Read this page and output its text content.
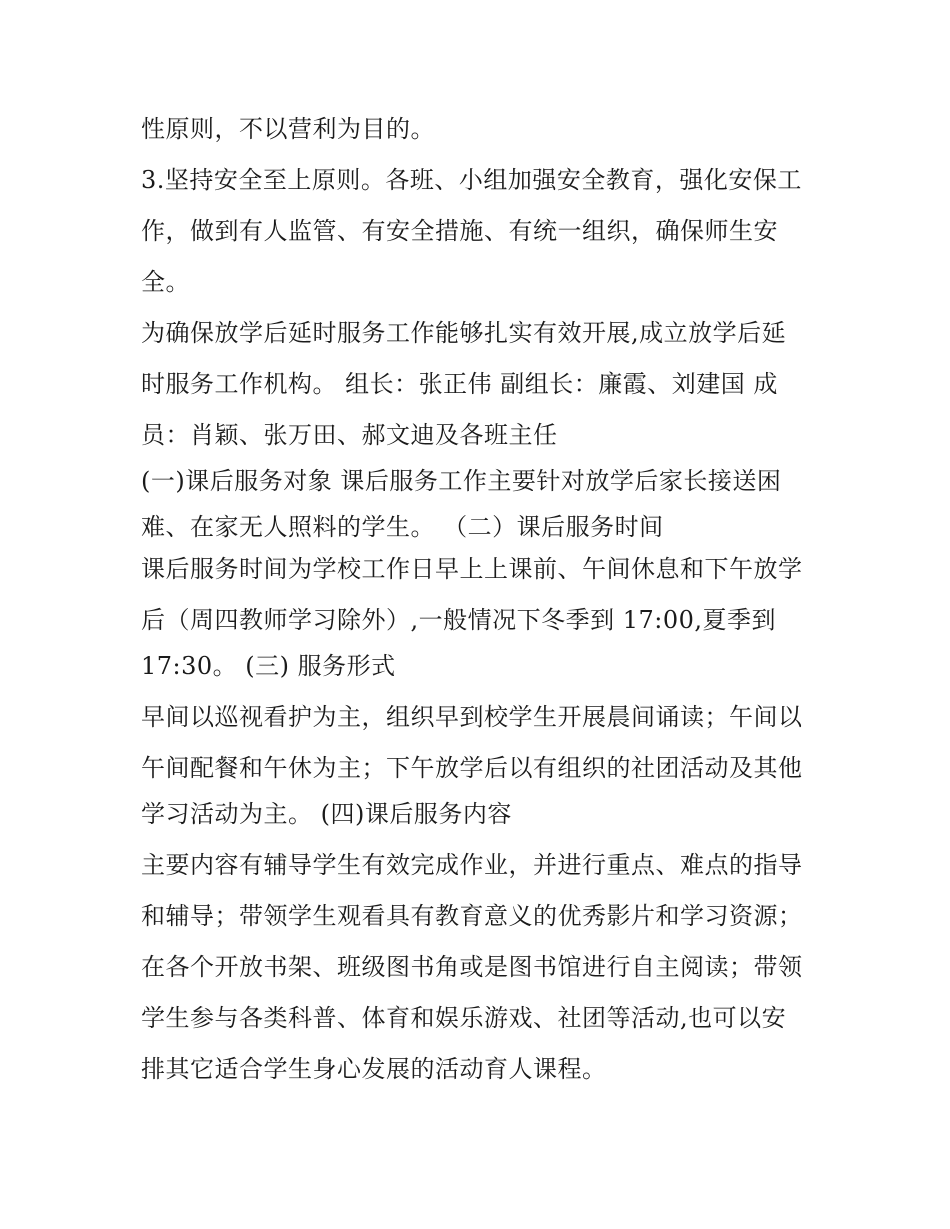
性原则，不以营利为目的。
3.坚持安全至上原则。各班、小组加强安全教育，强化安保工
作，做到有人监管、有安全措施、有统一组织，确保师生安
全。
为确保放学后延时服务工作能够扎实有效开展,成立放学后延
时服务工作机构。 组长：张正伟 副组长：廉霞、刘建国 成
员：肖颖、张万田、郝文迪及各班主任
(一)课后服务对象 课后服务工作主要针对放学后家长接送困
难、在家无人照料的学生。 （二）课后服务时间
课后服务时间为学校工作日早上上课前、午间休息和下午放学
后（周四教师学习除外）,一般情况下冬季到 17:00,夏季到
17:30。 (三) 服务形式
早间以巡视看护为主，组织早到校学生开展晨间诵读；午间以
午间配餐和午休为主；下午放学后以有组织的社团活动及其他
学习活动为主。 (四)课后服务内容
主要内容有辅导学生有效完成作业，并进行重点、难点的指导
和辅导；带领学生观看具有教育意义的优秀影片和学习资源；
在各个开放书架、班级图书角或是图书馆进行自主阅读；带领
学生参与各类科普、体育和娱乐游戏、社团等活动,也可以安
排其它适合学生身心发展的活动育人课程。
